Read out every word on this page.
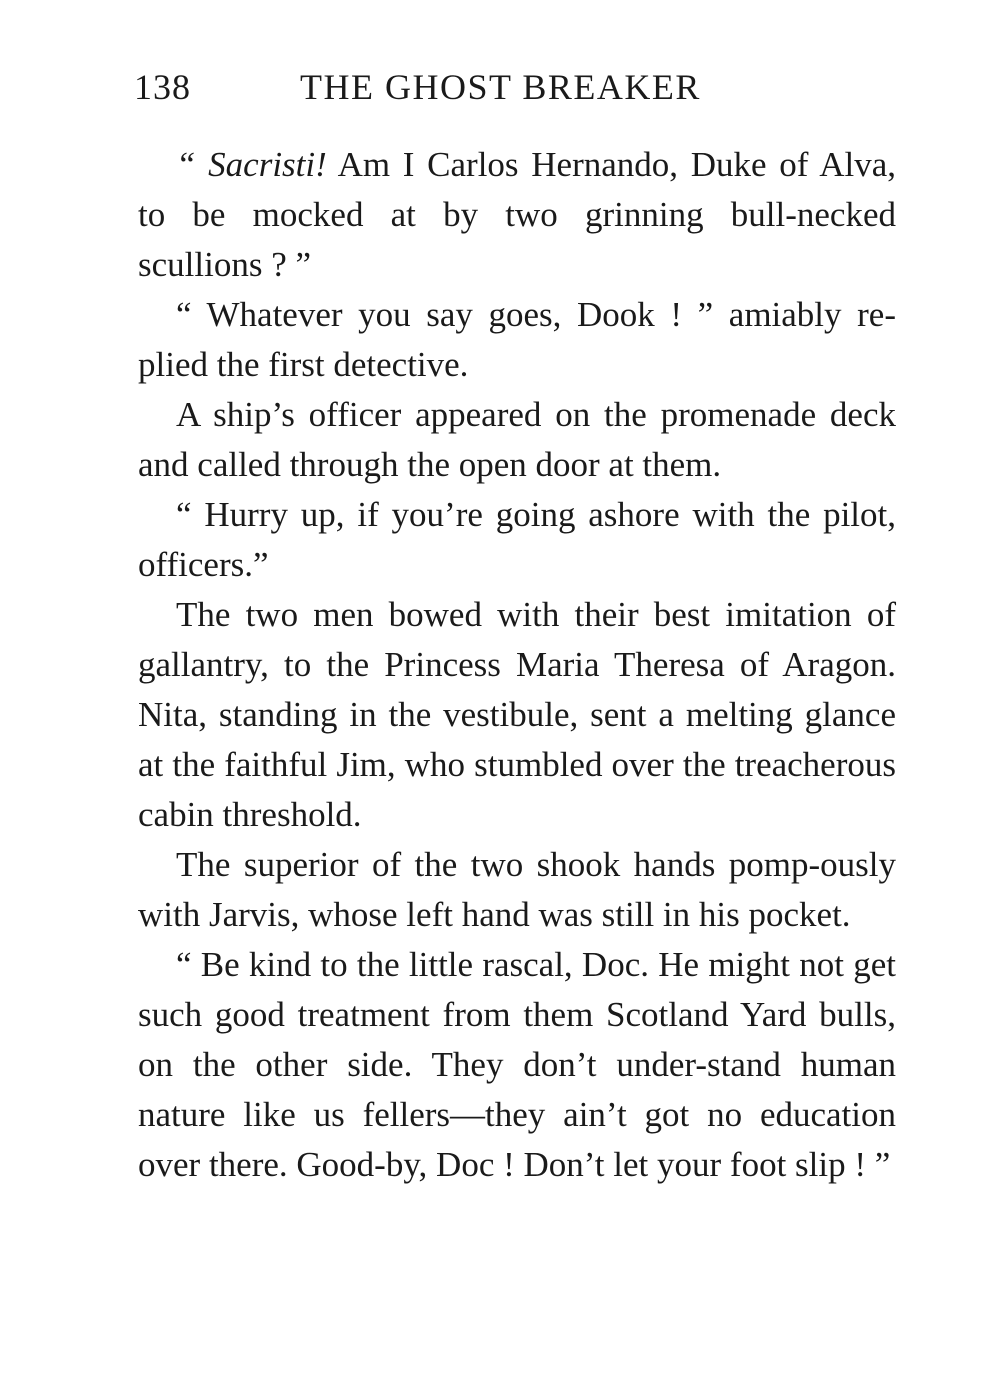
138	THE GHOST BREAKER

“ Sacristi! Am I Carlos Hernando, Duke of Alva, to be mocked at by two grinning bull-necked scullions ? ”

“ Whatever you say goes, Dook ! ” amiably re-plied the first detective.

A ship’s officer appeared on the promenade deck and called through the open door at them.

“ Hurry up, if you’re going ashore with the pilot, officers.”

The two men bowed with their best imitation of gallantry, to the Princess Maria Theresa of Aragon. Nita, standing in the vestibule, sent a melting glance at the faithful Jim, who stumbled over the treacherous cabin threshold.

The superior of the two shook hands pomp-ously with Jarvis, whose left hand was still in his pocket.

“ Be kind to the little rascal, Doc. He might not get such good treatment from them Scotland Yard bulls, on the other side. They don’t under-stand human nature like us fellers—they ain’t got no education over there. Good-by, Doc ! Don’t let your foot slip ! ”
